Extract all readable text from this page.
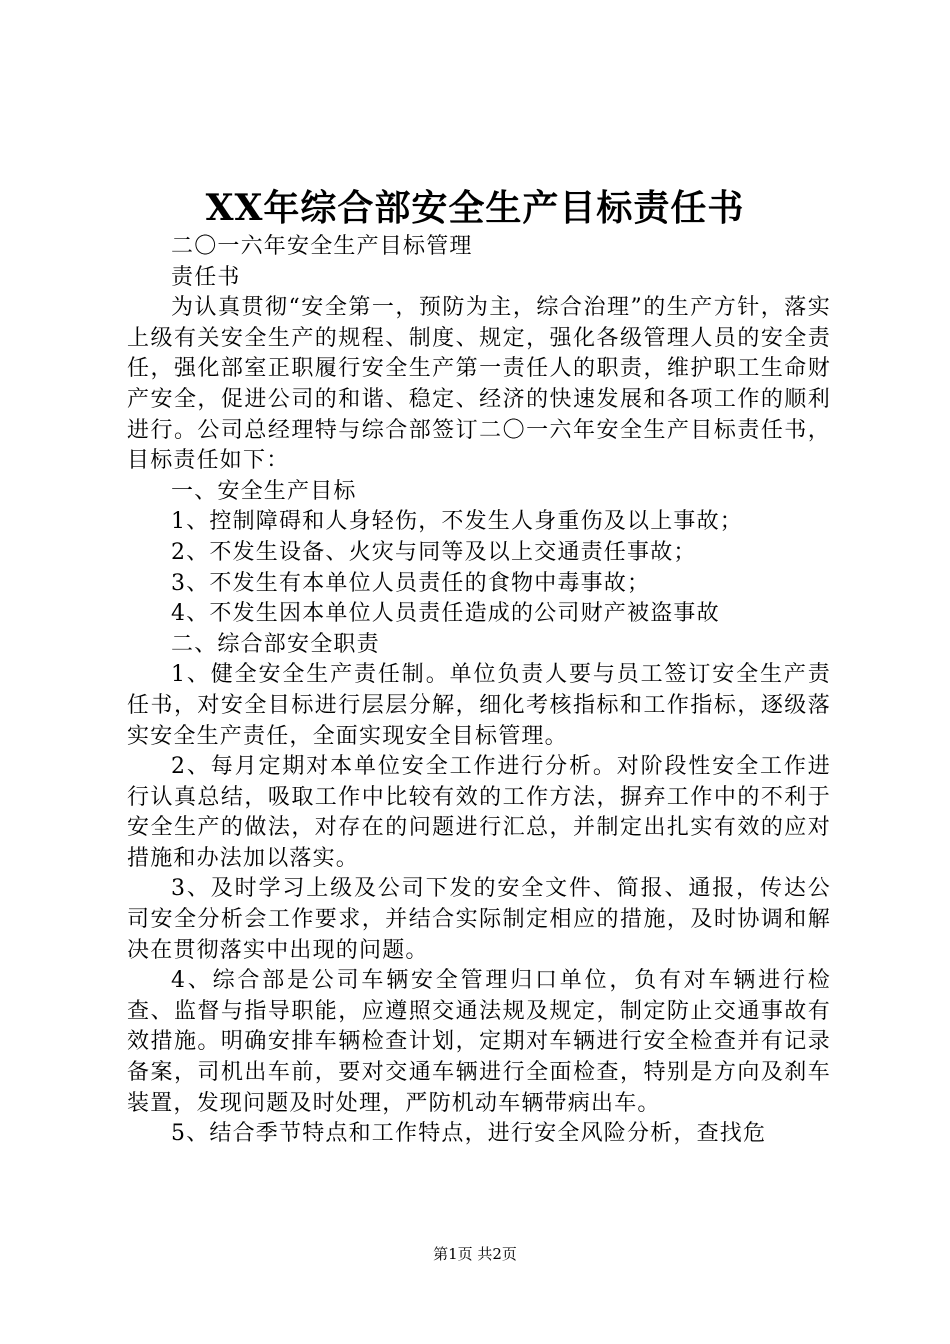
XX年综合部安全生产目标责任书

二〇一六年安全生产目标管理

责任书

为认真贯彻“安全第一，预防为主，综合治理”的生产方针，落实上级有关安全生产的规程、制度、规定，强化各级管理人员的安全责任，强化部室正职履行安全生产第一责任人的职责，维护职工生命财产安全，促进公司的和谐、稳定、经济的快速发展和各项工作的顺利进行。公司总经理特与综合部签订二〇一六年安全生产目标责任书，目标责任如下：

一、安全生产目标

1、控制障碍和人身轻伤，不发生人身重伤及以上事故；

2、不发生设备、火灾与同等及以上交通责任事故；

3、不发生有本单位人员责任的食物中毒事故；

4、不发生因本单位人员责任造成的公司财产被盗事故

二、综合部安全职责

1、健全安全生产责任制。单位负责人要与员工签订安全生产责任书，对安全目标进行层层分解，细化考核指标和工作指标，逐级落实安全生产责任，全面实现安全目标管理。

2、每月定期对本单位安全工作进行分析。对阶段性安全工作进行认真总结，吸取工作中比较有效的工作方法，摒弃工作中的不利于安全生产的做法，对存在的问题进行汇总，并制定出扎实有效的应对措施和办法加以落实。

3、及时学习上级及公司下发的安全文件、简报、通报，传达公司安全分析会工作要求，并结合实际制定相应的措施，及时协调和解决在贯彻落实中出现的问题。

4、综合部是公司车辆安全管理归口单位，负有对车辆进行检查、监督与指导职能，应遵照交通法规及规定，制定防止交通事故有效措施。明确安排车辆检查计划，定期对车辆进行安全检查并有记录备案，司机出车前，要对交通车辆进行全面检查，特别是方向及刹车装置，发现问题及时处理，严防机动车辆带病出车。

5、结合季节特点和工作特点，进行安全风险分析，查找危

第1页 共2页
